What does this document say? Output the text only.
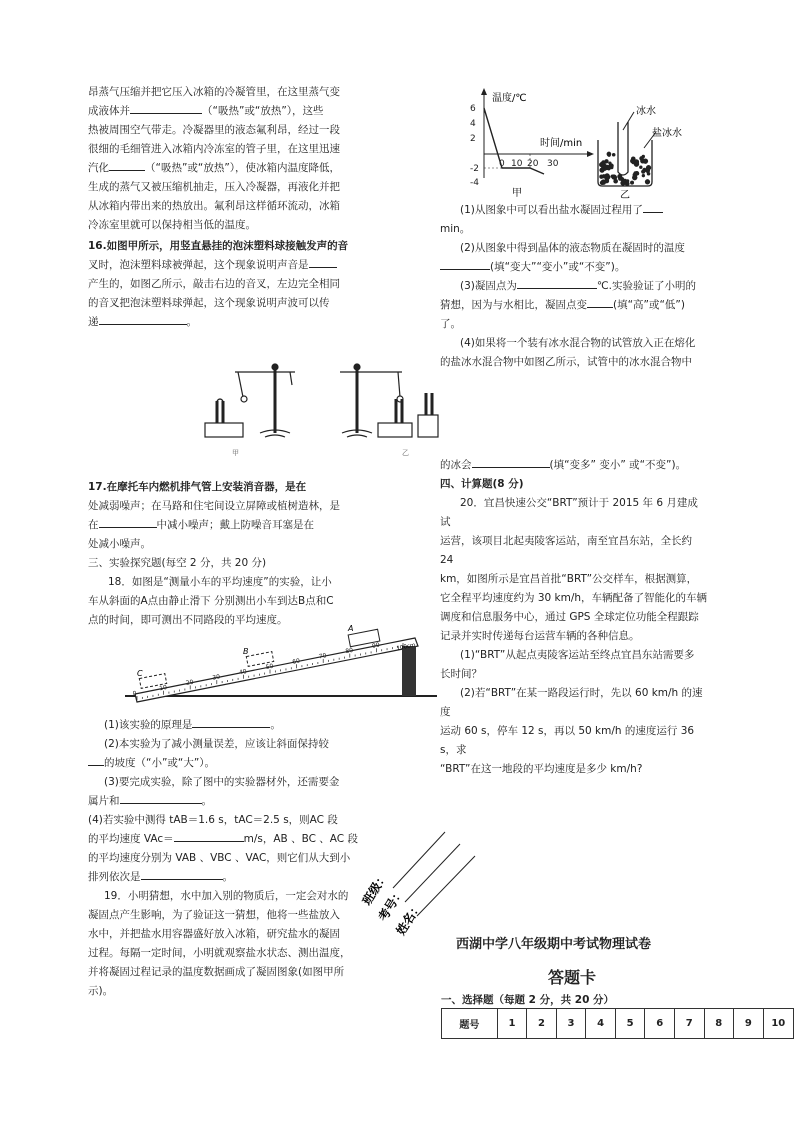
昂蒸气压缩并把它压入冰箱的冷凝管里，在这里蒸气变
成液体并	（“吸热”或“放热”），这些
热被周围空气带走。冷凝器里的液态氟利昂，经过一段
很细的毛细管进入冰箱内冷冻室的管子里，在这里迅速
汽化	（“吸热”或“放热”），使冰箱内温度降低，
生成的蒸气又被压缩机抽走，压入冷凝器，再液化并把
从冰箱内带出来的热放出。氟利昂这样循环流动，冰箱
冷冻室里就可以保持相当低的温度。
16.如图甲所示，用竖直悬挂的泡沫塑料球接触发声的音
叉时，泡沫塑料球被弹起，这个现象说明声音是
产生的，如图乙所示，敲击右边的音叉，左边完全相同
的音叉把泡沫塑料球弹起，这个现象说明声波可以传
递	。
甲	乙
17.在摩托车内燃机排气管上安装消音器，是在
处减弱噪声；在马路和住宅间设立屏障或植树造林，是
在	中减小噪声；戴上防噪音耳塞是在
处减小噪声。
三、实验探究题(每空 2 分，共 20 分)
18．如图是“测量小车的平均速度”的实验，让小
车从斜面的A点由静止滑下 分别测出小车到达B点和C
点的时间，即可测出不同路段的平均速度。
0
10
20
30
40
50
60
70
80
90
A
B
C
100cm
(1)该实验的原理是	。
(2)本实验为了减小测量误差，应该让斜面保持较
的坡度（“小”或“大”）。
(3)要完成实验，除了图中的实验器材外，还需要金
属片和	。
(4)若实验中测得 tAB＝1.6 s，tAC＝2.5 s，则AC 段
的平均速度 VAc＝	m/s，AB 、BC 、AC 段
的平均速度分别为 VAB 、VBC 、VAC，则它们从大到小
排列依次是	。
19．小明猜想，水中加入别的物质后，一定会对水的
凝固点产生影响，为了验证这一猜想，他将一些盐放入
水中，并把盐水用容器盛好放入冰箱，研究盐水的凝固
过程。每隔一定时间，小明就观察盐水状态、测出温度，
并将凝固过程记录的温度数据画成了凝固图象(如图甲所
示)。
6
4
2
-2
-4
0 10 20 30
温度/℃
时间/min
甲
冰水
盐冰水
乙
(1)从图象中可以看出盐水凝固过程用了
min。
(2)从图象中得到晶体的液态物质在凝固时的温度
(填“变大”“变小”或“不变”)。
(3)凝固点为	℃.实验验证了小明的
猜想，因为与水相比，凝固点变 (填“高”或“低”)
了。
(4)如果将一个装有冰水混合物的试管放入正在熔化
的盐冰水混合物中如图乙所示，试管中的冰水混合物中
的冰会	(填“变多” 变小” 或“不变”)。
四、计算题(8 分)
20．宜昌快速公交“BRT”预计于 2015 年 6 月建成试
运营，该项目北起夷陵客运站，南至宜昌东站，全长约 24
km，如图所示是宜昌首批“BRT”公交样车，根据测算，
它全程平均速度约为 30 km/h，车辆配备了智能化的车辆
调度和信息服务中心，通过 GPS 全球定位功能全程跟踪
记录并实时传递每台运营车辆的各种信息。
(1)“BRT”从起点夷陵客运站至终点宜昌东站需要多
长时间？
(2)若“BRT”在某一路段运行时，先以 60 km/h 的速度
运动 60 s，停车 12 s，再以 50 km/h 的速度运行 36 s，求
“BRT”在这一地段的平均速度是多少 km/h?
班级：
考号：
姓名：
西湖中学八年级期中考试物理试卷
答题卡
一、选择题（每题 2 分，共 20 分）
题号	1	2	3	4	5	6	7	8	9	10
